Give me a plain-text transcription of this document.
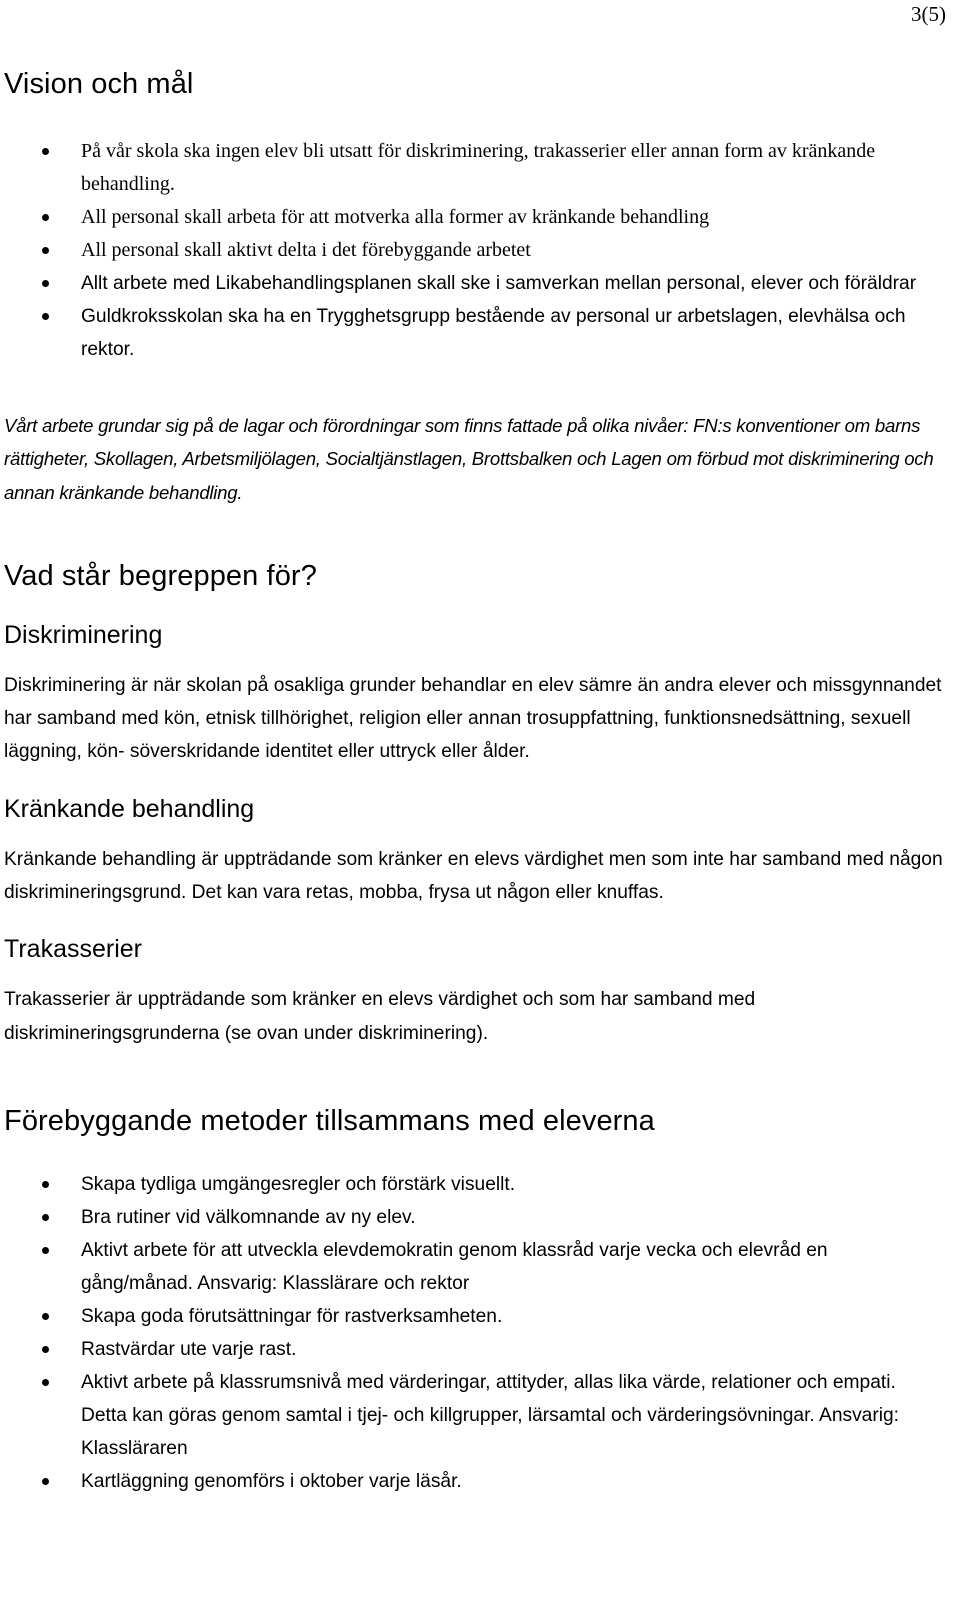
3(5)
Vision och mål
På vår skola ska ingen elev bli utsatt för diskriminering, trakasserier eller annan form av kränkande behandling.
All personal skall arbeta för att motverka alla former av kränkande behandling
All personal skall aktivt delta i det förebyggande arbetet
Allt arbete med Likabehandlingsplanen skall ske i samverkan mellan personal, elever och föräldrar
Guldkroksskolan ska ha en Trygghetsgrupp bestående av personal ur arbetslagen, elevhälsa och rektor.

Vårt arbete grundar sig på de lagar och förordningar som finns fattade på olika nivåer: FN:s konventioner om barns rättigheter, Skollagen, Arbetsmiljölagen, Socialtjänstlagen, Brottsbalken och Lagen om förbud mot diskriminering och annan kränkande behandling.

Vad står begreppen för?
Diskriminering

Diskriminering är när skolan på osakliga grunder behandlar en elev sämre än andra elever och missgynnandet har samband med kön, etnisk tillhörighet, religion eller annan trosuppfattning, funktionsnedsättning, sexuell läggning, kön- söverskridande identitet eller uttryck eller ålder.

Kränkande behandling

Kränkande behandling är uppträdande som kränker en elevs värdighet men som inte har samband med någon diskrimineringsgrund. Det kan vara retas, mobba, frysa ut någon eller knuffas.

Trakasserier

Trakasserier är uppträdande som kränker en elevs värdighet och som har samband med diskrimineringsgrunderna (se ovan under diskriminering).

Förebyggande metoder tillsammans med eleverna
Skapa tydliga umgängesregler och förstärk visuellt.
Bra rutiner vid välkomnande av ny elev.
Aktivt arbete för att utveckla elevdemokratin genom klassråd varje vecka och elevråd en gång/månad. Ansvarig: Klasslärare och rektor
Skapa goda förutsättningar för rastverksamheten.
Rastvärdar ute varje rast.
Aktivt arbete på klassrumsnivå med värderingar, attityder, allas lika värde, relationer och empati. Detta kan göras genom samtal i tjej- och killgrupper, lärsamtal och värderingsövningar. Ansvarig: Klassläraren
Kartläggning genomförs i oktober varje läsår.
